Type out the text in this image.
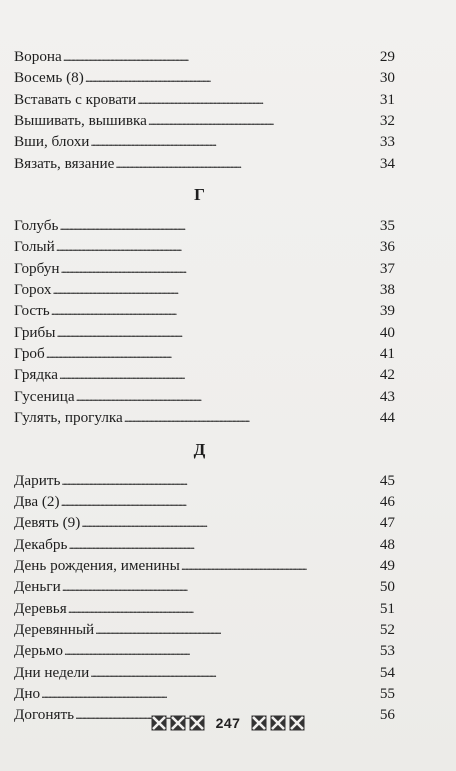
Ворона . . .	29
Восемь (8) . . .	30
Вставать с кровати . . .	31
Вышивать, вышивка . . .	32
Вши, блохи . . .	33
Вязать, вязание . . .	34
Г
Голубь . . .	35
Голый . . .	36
Горбун . . .	37
Горох . . .	38
Гость . . .	39
Грибы . . .	40
Гроб . . .	41
Грядка . . .	42
Гусеница . . .	43
Гулять, прогулка . . .	44
Д
Дарить . . .	45
Два (2) . . .	46
Девять (9) . . .	47
Декабрь . . .	48
День рождения, именины . . .	49
Деньги . . .	50
Деревья . . .	51
Деревянный . . .	52
Дерьмо . . .	53
Дни недели . . .	54
Дно . . .	55
Догонять . . .	56
247
